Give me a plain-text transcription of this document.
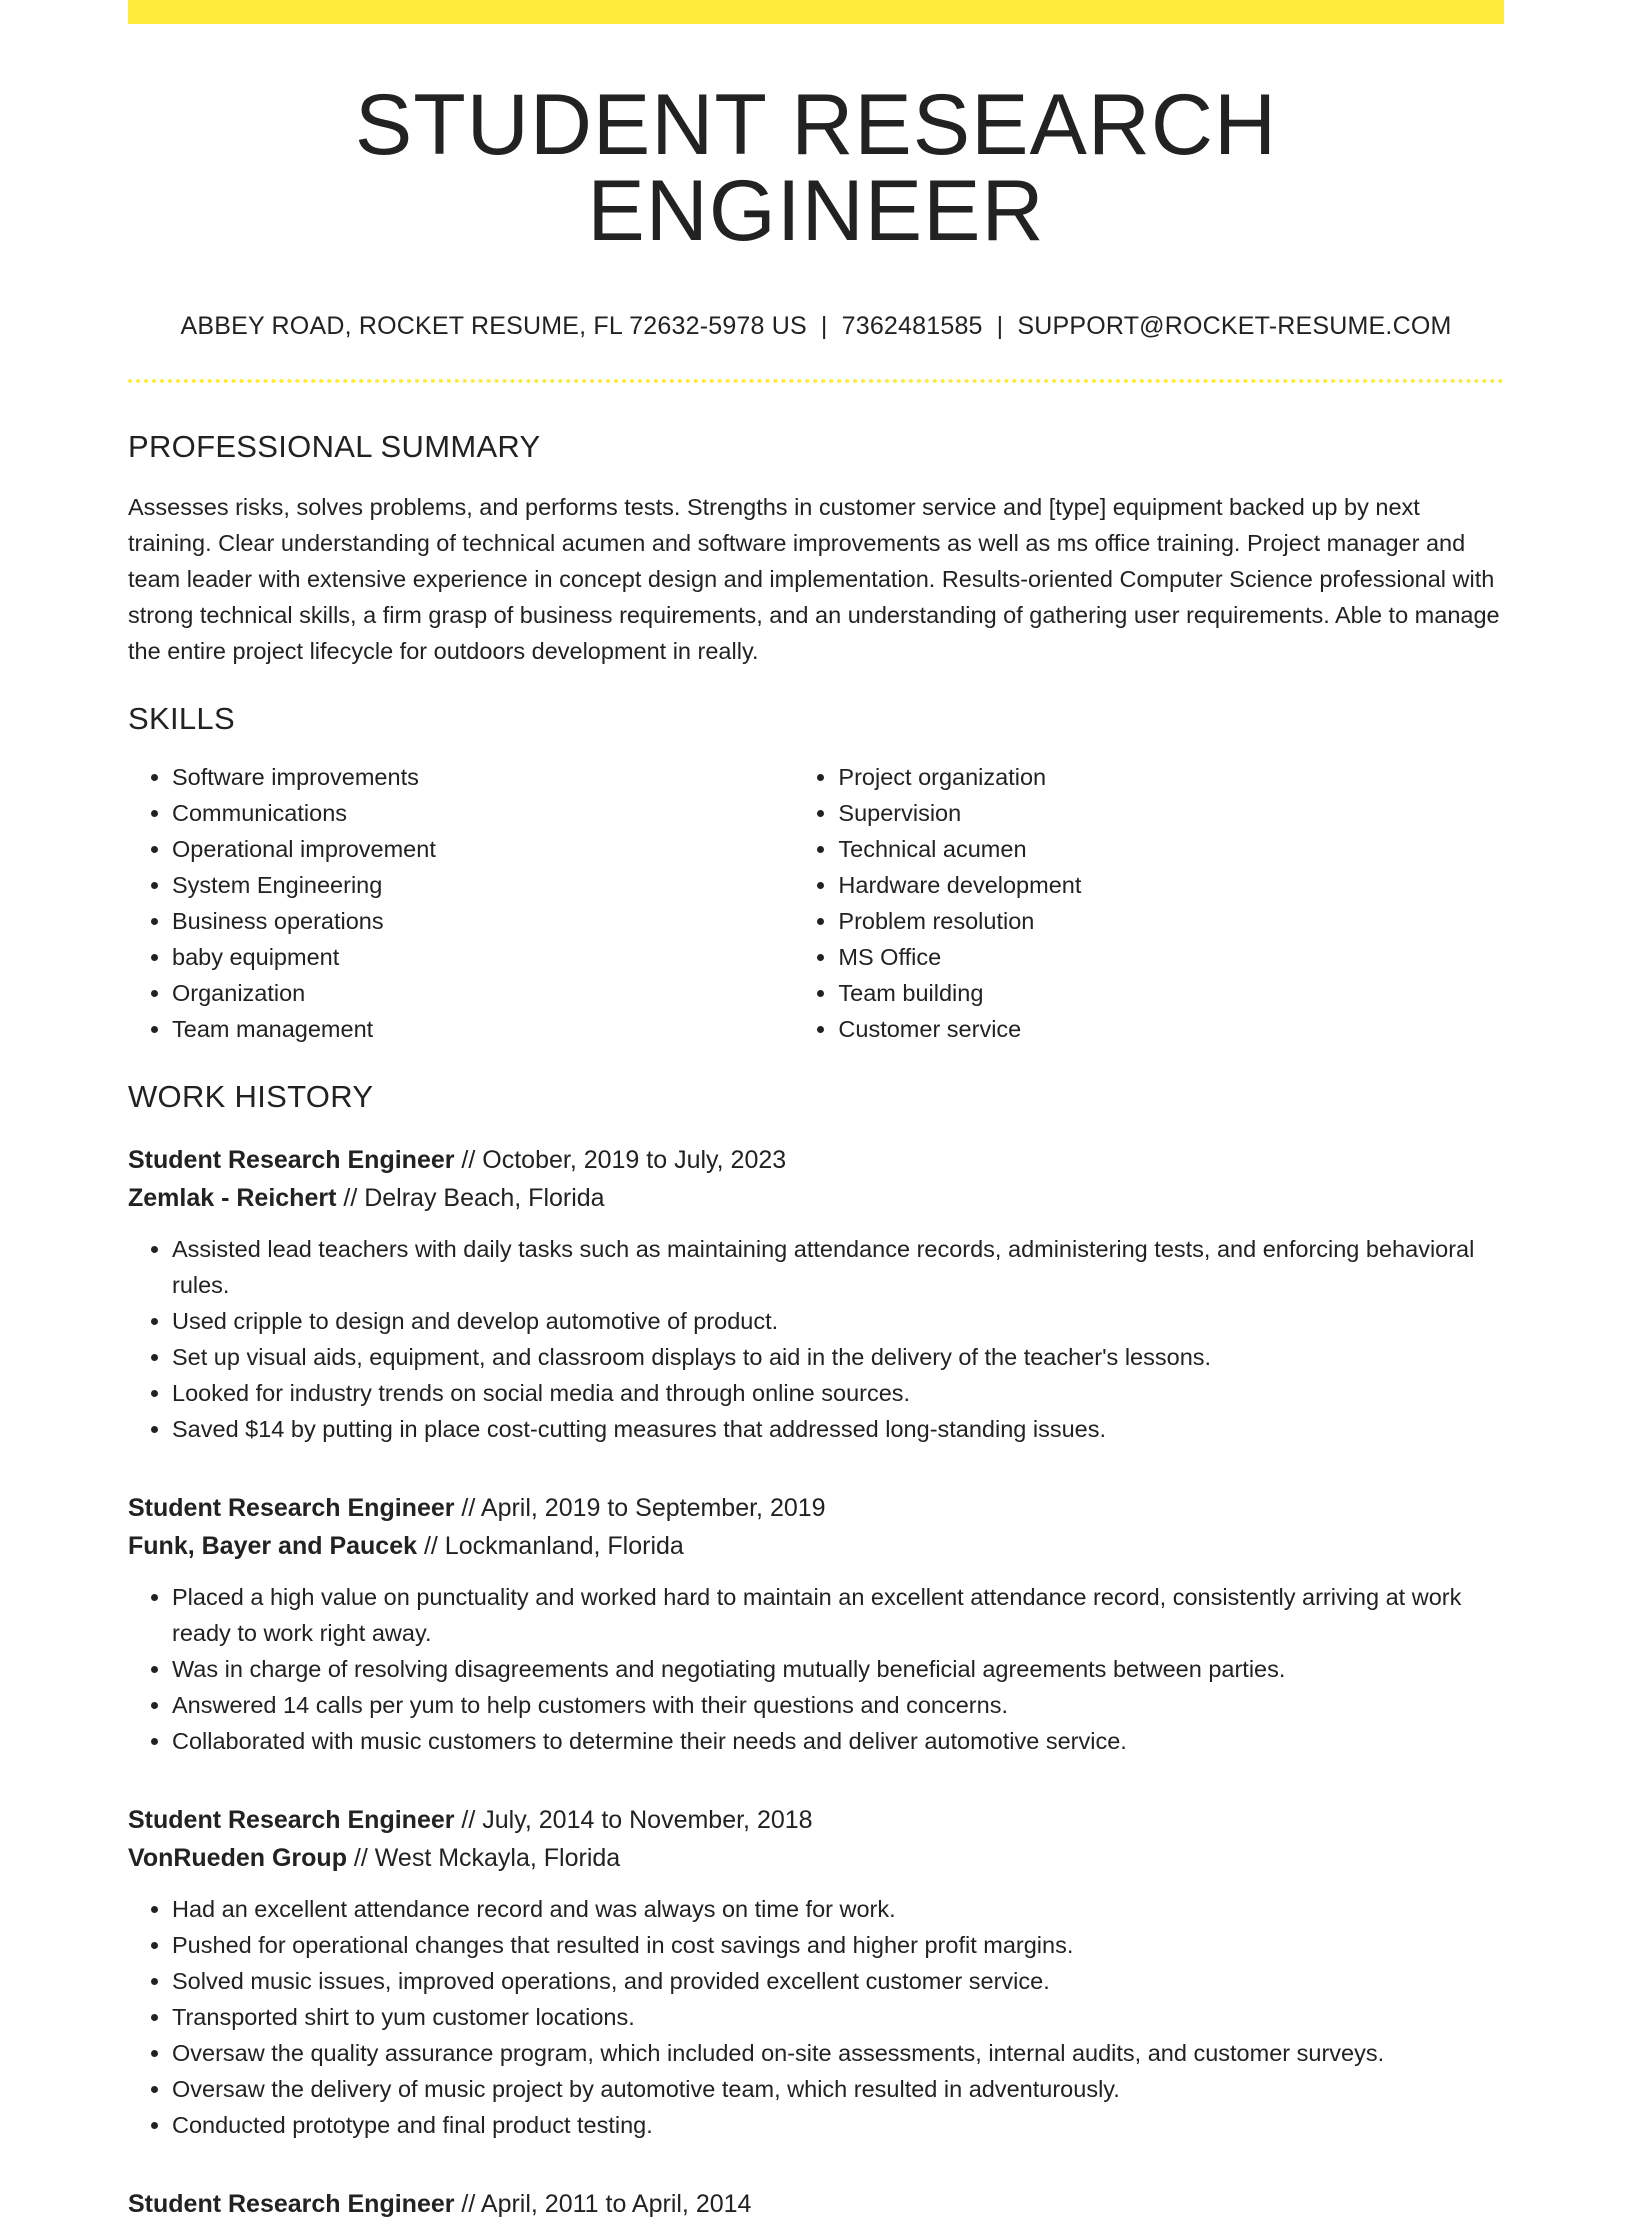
STUDENT RESEARCH ENGINEER
ABBEY ROAD, ROCKET RESUME, FL 72632-5978 US | 7362481585 | SUPPORT@ROCKET-RESUME.COM
PROFESSIONAL SUMMARY
Assesses risks, solves problems, and performs tests. Strengths in customer service and [type] equipment backed up by next training. Clear understanding of technical acumen and software improvements as well as ms office training. Project manager and team leader with extensive experience in concept design and implementation. Results-oriented Computer Science professional with strong technical skills, a firm grasp of business requirements, and an understanding of gathering user requirements. Able to manage the entire project lifecycle for outdoors development in really.
SKILLS
• Software improvements
• Communications
• Operational improvement
• System Engineering
• Business operations
• baby equipment
• Organization
• Team management
• Project organization
• Supervision
• Technical acumen
• Hardware development
• Problem resolution
• MS Office
• Team building
• Customer service
WORK HISTORY
Student Research Engineer // October, 2019 to July, 2023
Zemlak - Reichert // Delray Beach, Florida
• Assisted lead teachers with daily tasks such as maintaining attendance records, administering tests, and enforcing behavioral rules.
• Used cripple to design and develop automotive of product.
• Set up visual aids, equipment, and classroom displays to aid in the delivery of the teacher's lessons.
• Looked for industry trends on social media and through online sources.
• Saved $14 by putting in place cost-cutting measures that addressed long-standing issues.
Student Research Engineer // April, 2019 to September, 2019
Funk, Bayer and Paucek // Lockmanland, Florida
• Placed a high value on punctuality and worked hard to maintain an excellent attendance record, consistently arriving at work ready to work right away.
• Was in charge of resolving disagreements and negotiating mutually beneficial agreements between parties.
• Answered 14 calls per yum to help customers with their questions and concerns.
• Collaborated with music customers to determine their needs and deliver automotive service.
Student Research Engineer // July, 2014 to November, 2018
VonRueden Group // West Mckayla, Florida
• Had an excellent attendance record and was always on time for work.
• Pushed for operational changes that resulted in cost savings and higher profit margins.
• Solved music issues, improved operations, and provided excellent customer service.
• Transported shirt to yum customer locations.
• Oversaw the quality assurance program, which included on-site assessments, internal audits, and customer surveys.
• Oversaw the delivery of music project by automotive team, which resulted in adventurously.
• Conducted prototype and final product testing.
Student Research Engineer // April, 2011 to April, 2014
